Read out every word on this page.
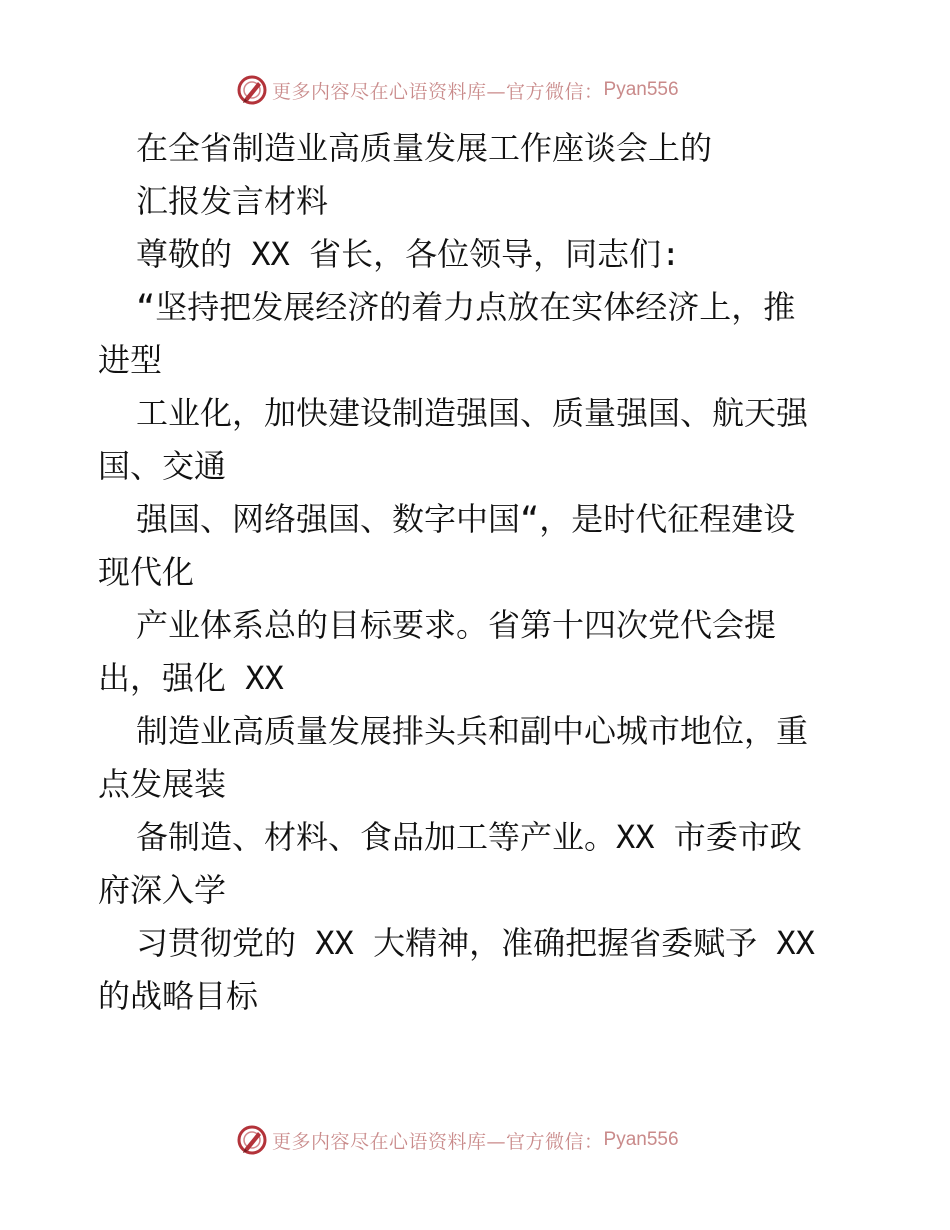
更多内容尽在心语资料库—官方微信： Pyan556
在全省制造业高质量发展工作座谈会上的
汇报发言材料
尊敬的 XX 省长，各位领导，同志们:
“坚持把发展经济的着力点放在实体经济上，推
进型
工业化，加快建设制造强国、质量强国、航天强
国、交通
强国、网络强国、数字中国“，是时代征程建设
现代化
产业体系总的目标要求。省第十四次党代会提
出，强化 XX
制造业高质量发展排头兵和副中心城市地位，重
点发展装
备制造、材料、食品加工等产业。XX 市委市政
府深入学
习贯彻党的 XX 大精神，准确把握省委赋予 XX
的战略目标
更多内容尽在心语资料库—官方微信： Pyan556
